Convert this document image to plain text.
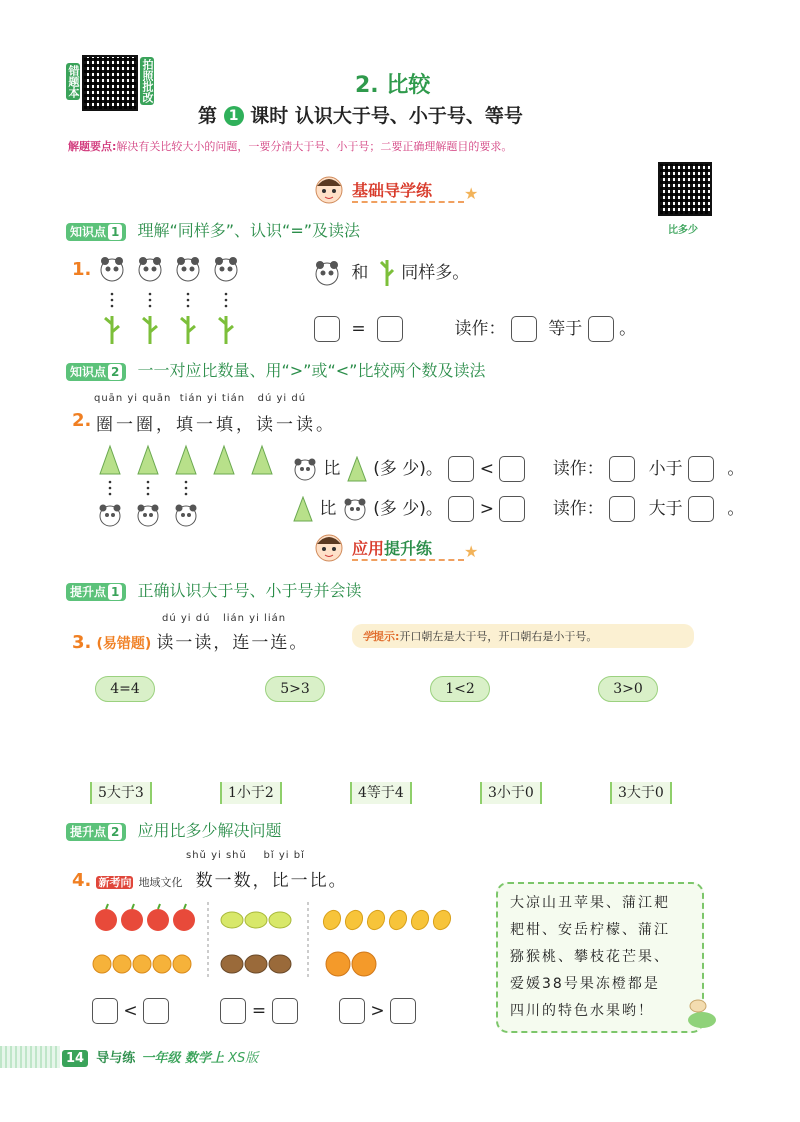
错题本	拍照批改	2. 比较
第 1 课时 认识大于号、小于号、等号
解题要点:解决有关比较大小的问题，一要分清大于号、小于号；二要正确理解题目的要求。
比多少
基础导学练	★
知识点 1 理解“同样多”、认识“=”及读法
1.	和 同样多。
=	读作：	等于 。
知识点 2 一一对应比数量、用“>”或“<”比较两个数及读法
quān yi quān  tián yi tián   dú yi dú
2. 圈一圈，填一填，读一读。
比 (多 少)。 <	读作：	小于	。
比 (多 少)。 >	读作：	大于	。
应用提升练	★
提升点 1 正确认识大于号、小于号并会读
dú yi dú   lián yi lián
3. (易错题) 读一读，连一连。	学提示:开口朝左是大于号，开口朝右是小于号。
4=4	5>3	1<2	3>0
5大于3	1小于2	4等于4	3小于0	3大于0
提升点 2 应用比多少解决问题
shǔ yi shǔ    bǐ yi bǐ
4. 新考向 地域文化 数一数，比一比。
<	=	>
大凉山丑苹果、蒲江耙
耙柑、安岳柠檬、蒲江
猕猴桃、攀枝花芒果、
爱媛38号果冻橙都是
四川的特色水果哟！
14 导与练 一年级 数学上 XS版
